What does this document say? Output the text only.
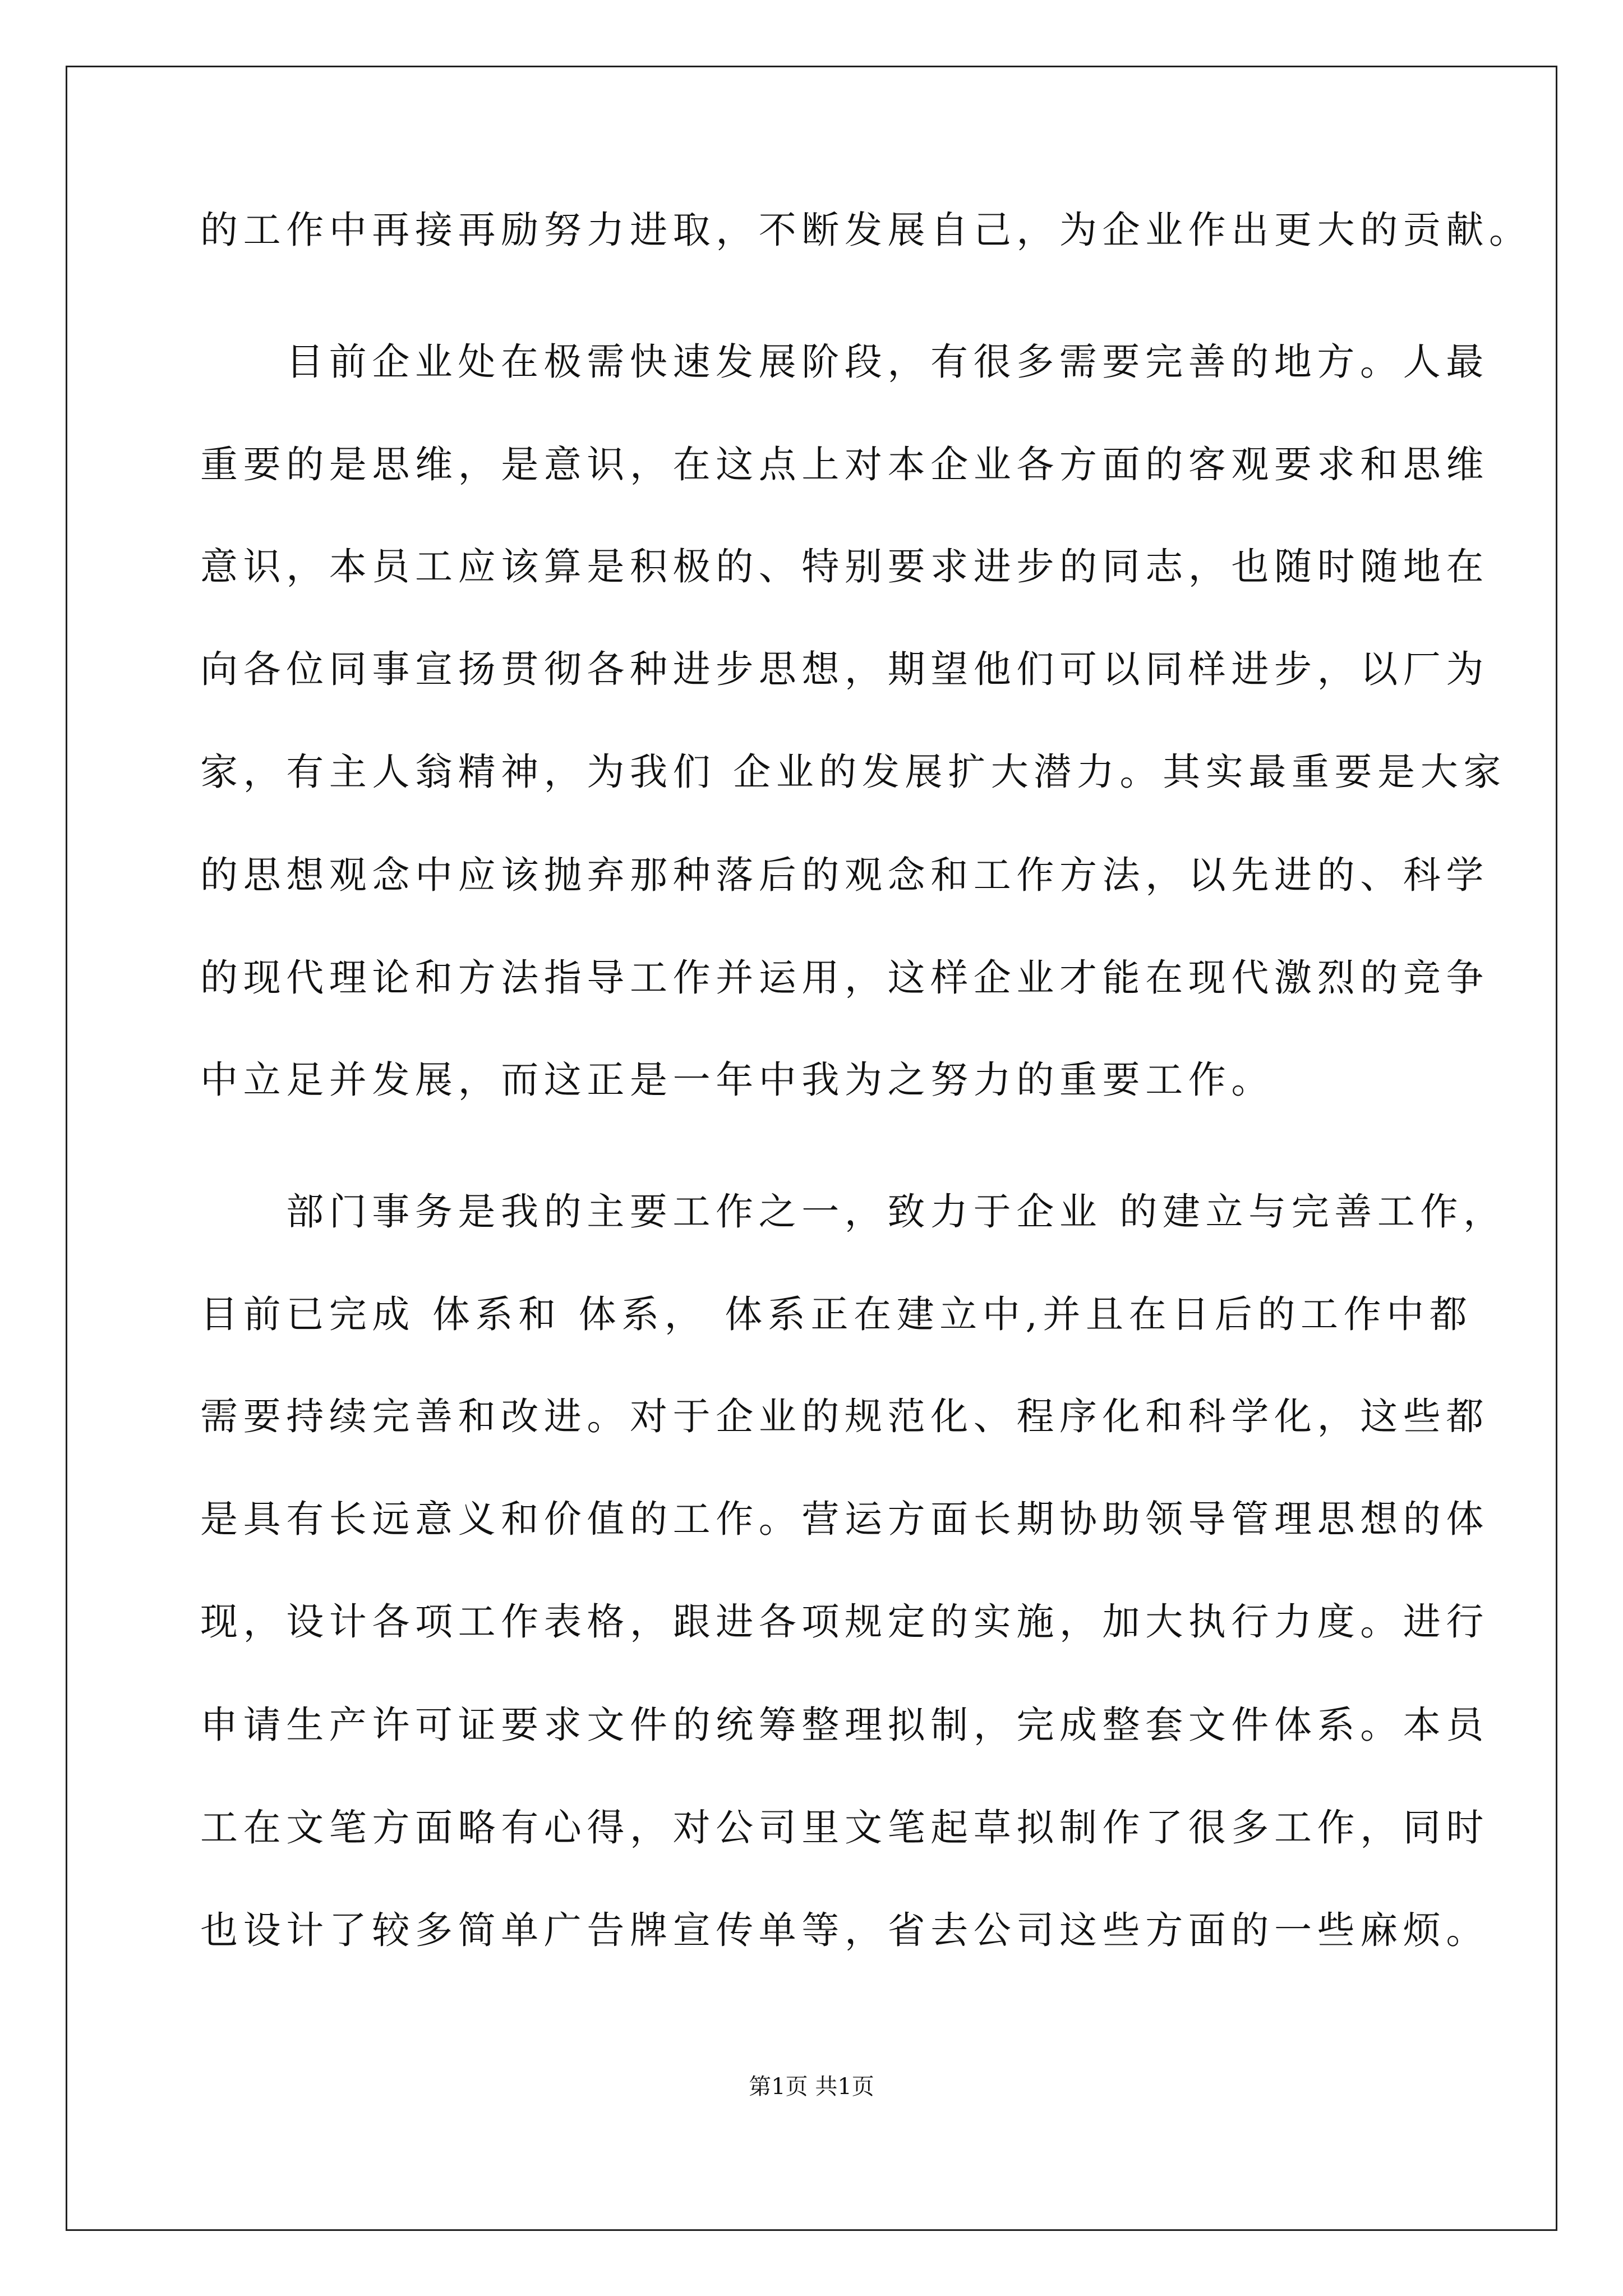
的工作中再接再励努力进取，不断发展自己，为企业作出更大的贡献。
目前企业处在极需快速发展阶段，有很多需要完善的地方。人最
重要的是思维，是意识，在这点上对本企业各方面的客观要求和思维
意识，本员工应该算是积极的、特别要求进步的同志，也随时随地在
向各位同事宣扬贯彻各种进步思想，期望他们可以同样进步，以厂为
家，有主人翁精神，为我们 企业的发展扩大潜力。其实最重要是大家
的思想观念中应该抛弃那种落后的观念和工作方法，以先进的、科学
的现代理论和方法指导工作并运用，这样企业才能在现代激烈的竞争
中立足并发展，而这正是一年中我为之努力的重要工作。
部门事务是我的主要工作之一，致力于企业 的建立与完善工作，
目前已完成 体系和 体系， 体系正在建立中,并且在日后的工作中都
需要持续完善和改进。对于企业的规范化、程序化和科学化，这些都
是具有长远意义和价值的工作。营运方面长期协助领导管理思想的体
现，设计各项工作表格，跟进各项规定的实施，加大执行力度。进行
申请生产许可证要求文件的统筹整理拟制，完成整套文件体系。本员
工在文笔方面略有心得，对公司里文笔起草拟制作了很多工作，同时
也设计了较多简单广告牌宣传单等，省去公司这些方面的一些麻烦。
第1页 共1页
